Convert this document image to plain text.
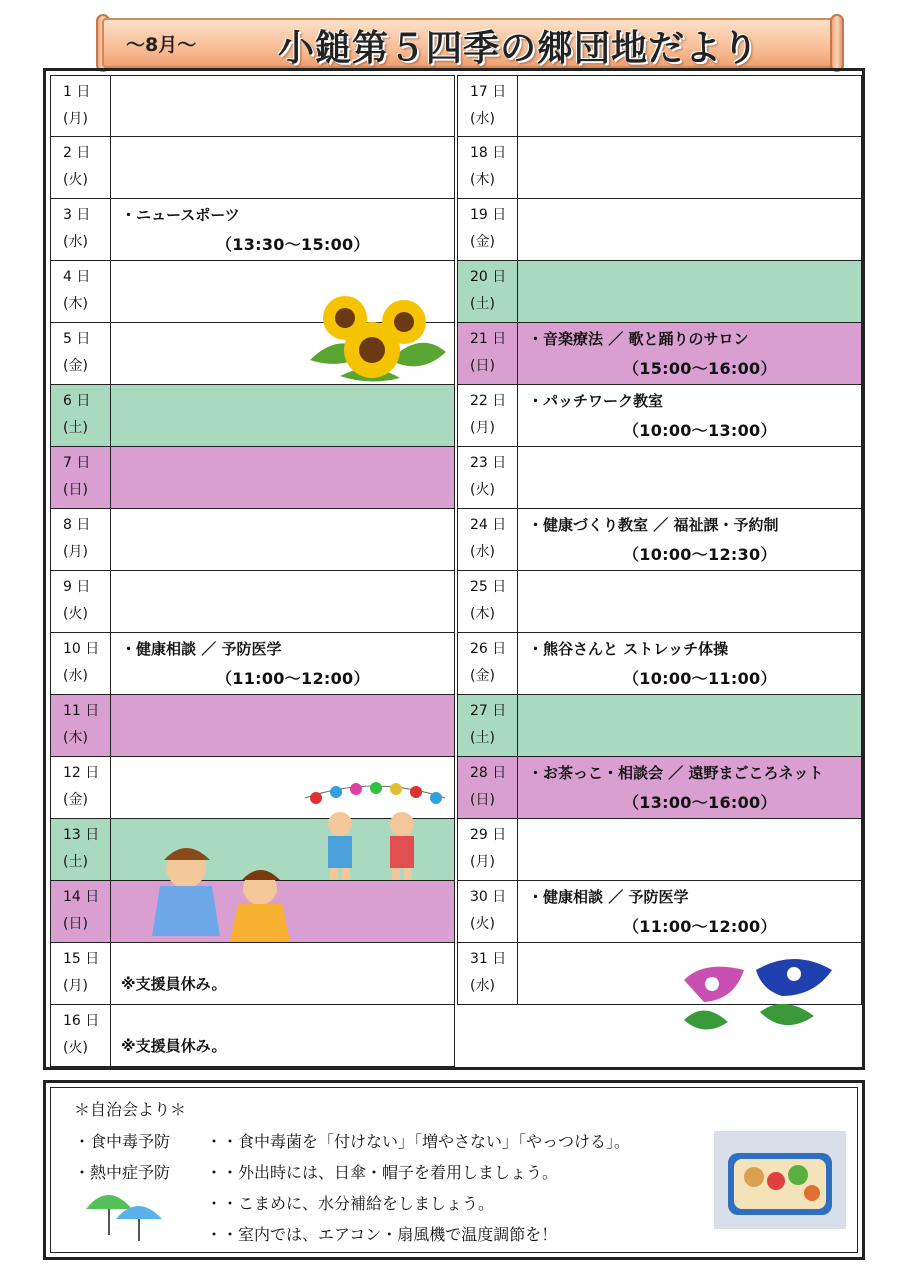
～8月～ 小鎚第５四季の郷団地だより
1 日
(月)
2 日
(火)
3 日
(水)
・ニュースポーツ
（13:30～15:00）
4 日
(木)
5 日
(金)
6 日
(土)
7 日
(日)
8 日
(月)
9 日
(火)
10 日
(水)
・健康相談 ／ 予防医学
（11:00～12:00）
11 日
(木)
12 日
(金)
13 日
(土)
14 日
(日)
15 日
(月)	※支援員休み。
16 日
(火)	※支援員休み。
17 日
(水)
18 日
(木)
19 日
(金)
20 日
(土)
21 日
(日)
・音楽療法 ／ 歌と踊りのサロン
（15:00～16:00）
22 日
(月)
・パッチワーク教室
（10:00～13:00）
23 日
(火)
24 日
(水)
・健康づくり教室 ／ 福祉課・予約制
（10:00～12:30）
25 日
(木)
26 日
(金)
・熊谷さんと ストレッチ体操
（10:00～11:00）
27 日
(土)
28 日
(日)
・お茶っこ・相談会 ／ 遠野まごころネット
（13:00～16:00）
29 日
(月)
30 日
(火)
・健康相談 ／ 予防医学
（11:00～12:00）
31 日
(水)
＊自治会より＊
・食中毒予防
・熱中症予防
・・食中毒菌を「付けない」「増やさない」「やっつける」。
・・外出時には、日傘・帽子を着用しましょう。
・・こまめに、水分補給をしましょう。
・・室内では、エアコン・扇風機で温度調節を！
